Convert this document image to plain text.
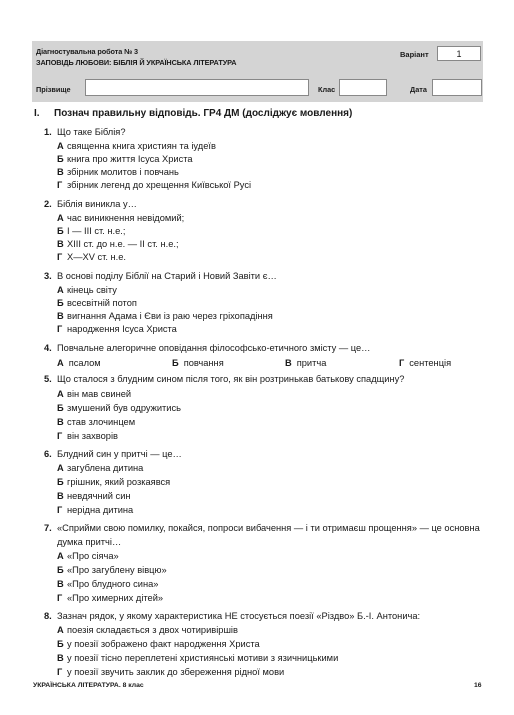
Діагностувальна робота № 3
ЗАПОВІДЬ ЛЮБОВИ: БІБЛІЯ Й УКРАЇНСЬКА ЛІТЕРАТУРА
Варіант	1
Прізвище	Клас	Дата
I. Познач правильну відповідь. ГР4 ДМ (досліджує мовлення)
1. Що таке Біблія?
А священна книга християн та іудеїв
Б книга про життя Ісуса Христа
В збірник молитов і повчань
Г збірник легенд до хрещення Київської Русі
2. Біблія виникла у…
А час виникнення невідомий;
Б I — III ст. н.е.;
В XIII ст. до н.е. — II ст. н.е.;
Г X—XV ст. н.е.
3. В основі поділу Біблії на Старий і Новий Завіти є…
А кінець світу
Б всесвітній потоп
В вигнання Адама і Єви із раю через гріхопадіння
Г народження Ісуса Христа
4. Повчальне алегоричне оповідання філософсько-етичного змісту — це…
А псалом	Б повчання	В притча	Г сентенція
5. Що сталося з блудним сином після того, як він розтринькав батькову спадщину?
А він мав свиней
Б змушений був одружитись
В став злочинцем
Г він захворів
6. Блудний син у притчі — це…
А загублена дитина
Б грішник, який розкаявся
В невдячний син
Г нерідна дитина
7. «Сприйми свою помилку, покайся, попроси вибачення — і ти отримаєш прощення» — це основна
думка притчі…
А «Про сіяча»
Б «Про загублену вівцю»
В «Про блудного сина»
Г «Про химерних дітей»
8. Зазнач рядок, у якому характеристика НЕ стосується поезії «Різдво» Б.-І. Антонича:
А поезія складається з двох чотиривіршів
Б у поезії зображено факт народження Христа
В у поезії тісно переплетені християнські мотиви з язичницькими
Г у поезії звучить заклик до збереження рідної мови
УКРАЇНСЬКА ЛІТЕРАТУРА. 8 клас	16
